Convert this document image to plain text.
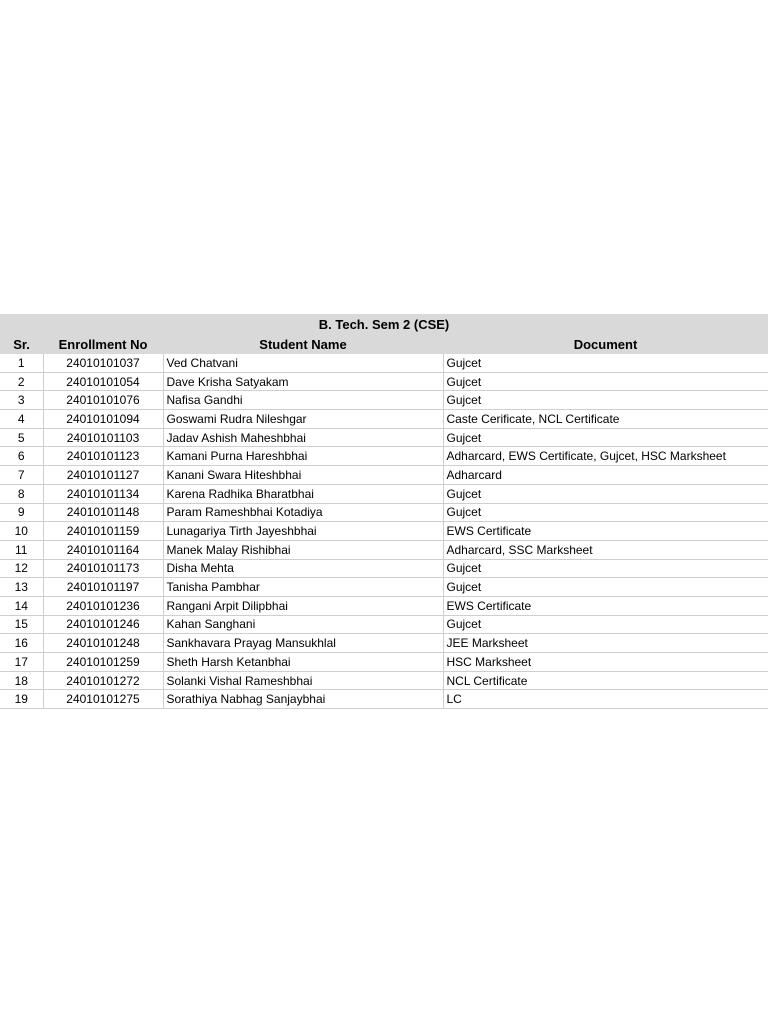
B. Tech. Sem 2 (CSE)			
Sr.	Enrollment No	Student Name	Document
1	24010101037	Ved Chatvani	Gujcet
2	24010101054	Dave Krisha Satyakam	Gujcet
3	24010101076	Nafisa Gandhi	Gujcet
4	24010101094	Goswami Rudra Nileshgar	Caste Cerificate, NCL Certificate
5	24010101103	Jadav Ashish Maheshbhai	Gujcet
6	24010101123	Kamani Purna Hareshbhai	Adharcard, EWS Certificate, Gujcet, HSC Marksheet
7	24010101127	Kanani Swara Hiteshbhai	Adharcard
8	24010101134	Karena Radhika Bharatbhai	Gujcet
9	24010101148	Param Rameshbhai Kotadiya	Gujcet
10	24010101159	Lunagariya Tirth Jayeshbhai	EWS Certificate
11	24010101164	Manek Malay Rishibhai	Adharcard, SSC Marksheet
12	24010101173	Disha Mehta	Gujcet
13	24010101197	Tanisha Pambhar	Gujcet
14	24010101236	Rangani Arpit Dilipbhai	EWS Certificate
15	24010101246	Kahan Sanghani	Gujcet
16	24010101248	Sankhavara Prayag Mansukhlal	JEE Marksheet
17	24010101259	Sheth Harsh Ketanbhai	HSC Marksheet
18	24010101272	Solanki Vishal Rameshbhai	NCL Certificate
19	24010101275	Sorathiya Nabhag Sanjaybhai	LC
